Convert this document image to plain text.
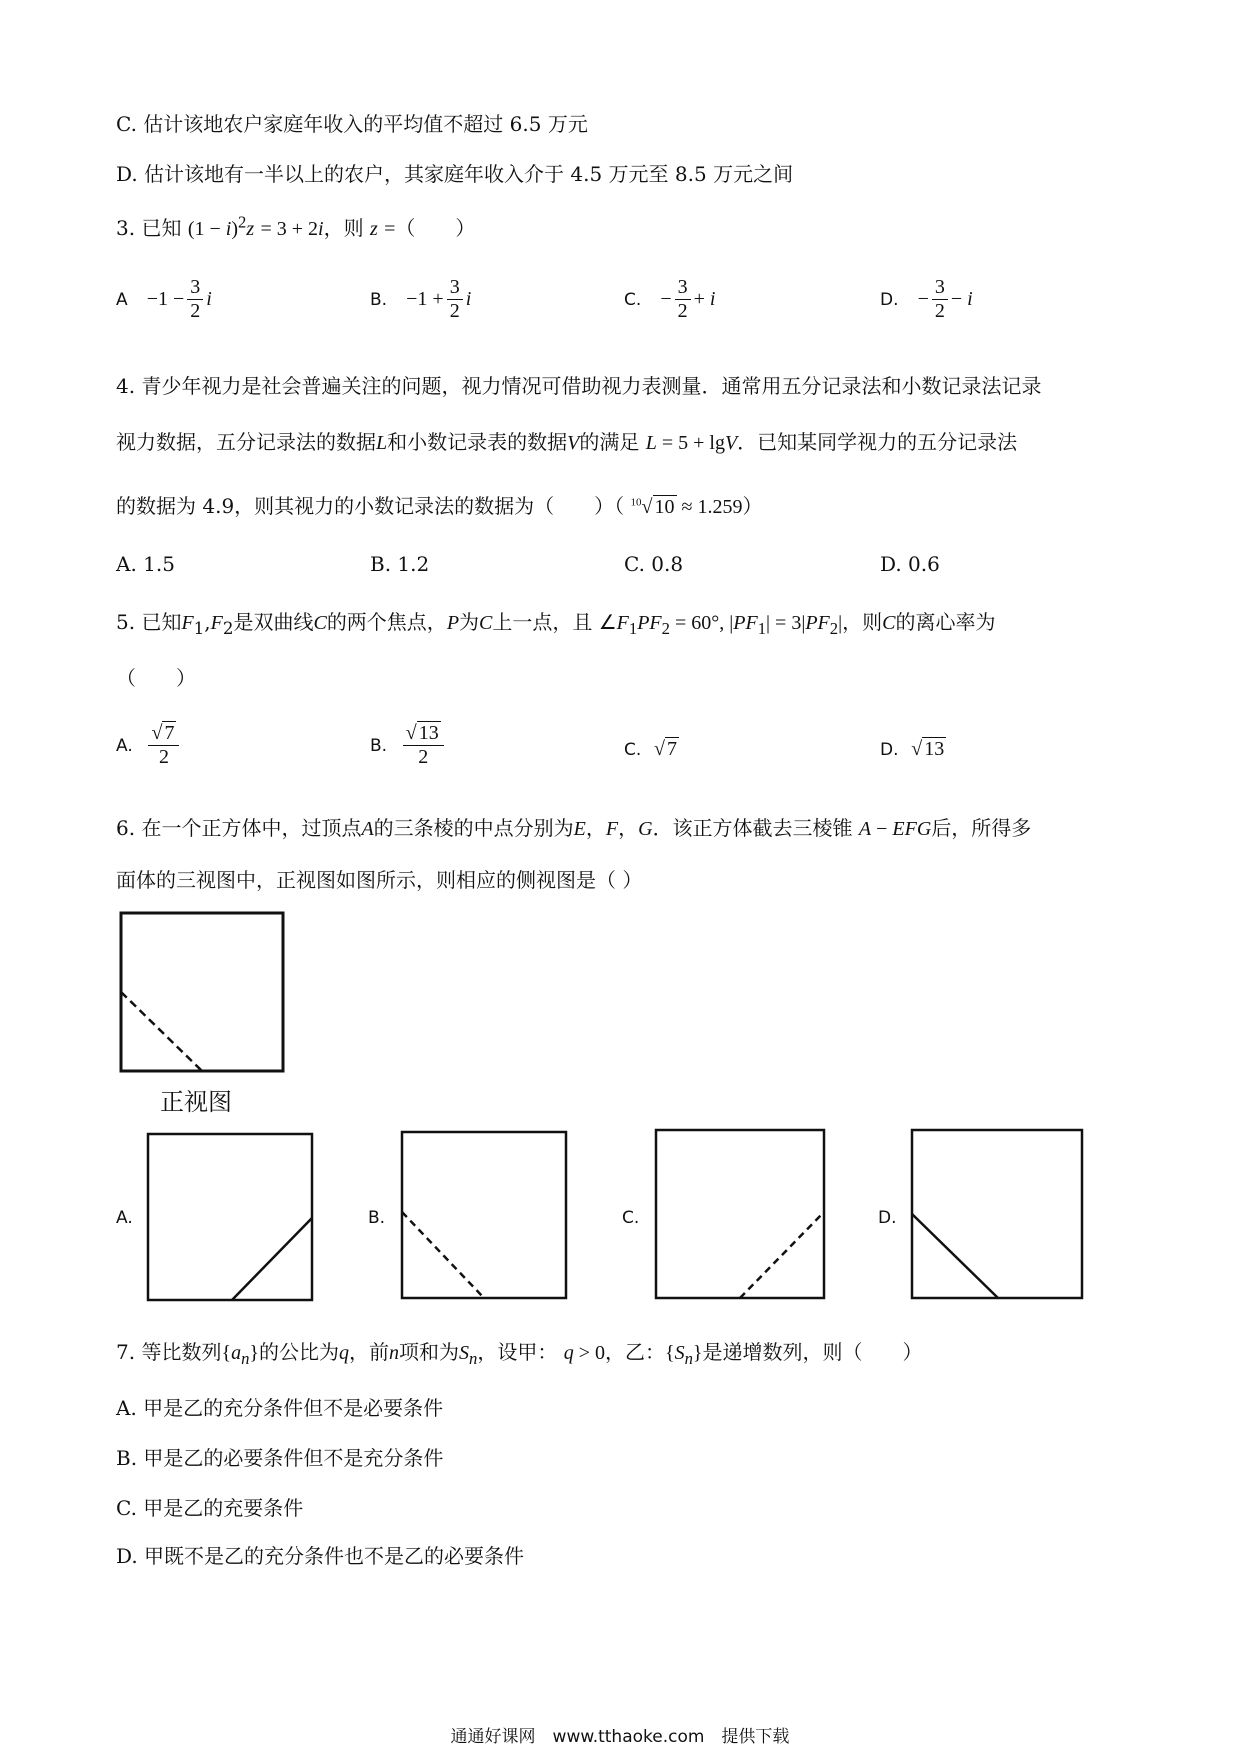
C. 估计该地农户家庭年收入的平均值不超过 6.5 万元
D. 估计该地有一半以上的农户，其家庭年收入介于 4.5 万元至 8.5 万元之间
3. 已知 $(1 - i)^2z = 3 + 2i$，则 z =（　　）
$A -1 - \frac{3}{2}$ i	B. $-1 + \frac{3}{2}$ i	C. − $\frac{3}{2} + i$	D. − $\frac{3}{2} - i$
4. 青少年视力是社会普遍关注的问题，视力情况可借助视力表测量．通常用五分记录法和小数记录法记录
视力数据，五分记录法的数据L和小数记录表的数据V的满足 L = 5 + lgV．已知某同学视力的五分记录法
的数据为 4.9，则其视力的小数记录法的数据为（　　）（ $^{10}$√ 10 ≈ 1.259）
A. 1.5	B. 1.2	C. 0.8	D. 0.6
5. 已知$F_1,F_2$是双曲线C的两个焦点，P为C上一点，且 $\angle F_1PF_2 = 60^\circ$, $|PF_1| = 3|PF_2|$，则C的离心率为
（　　）
A. $\frac{√ 7}{2}$	B. $\frac{√ 13}{2}$	C. √ 7	D. √ 13
6. 在一个正方体中，过顶点A的三条棱的中点分别为E，F，G．该正方体截去三棱锥 A − EFG后，所得多
面体的三视图中，正视图如图所示，则相应的侧视图是（ ）
正视图
A.	B.	C.	D.
7. 等比数列$\{a_n\}$的公比为q，前n项和为$S_n$，设甲： q > 0，乙：$\{S_n\}$是递增数列，则（　　）
A. 甲是乙的充分条件但不是必要条件
B. 甲是乙的必要条件但不是充分条件
C. 甲是乙的充要条件
D. 甲既不是乙的充分条件也不是乙的必要条件
通通好课网　www.tthaoke.com　提供下载
